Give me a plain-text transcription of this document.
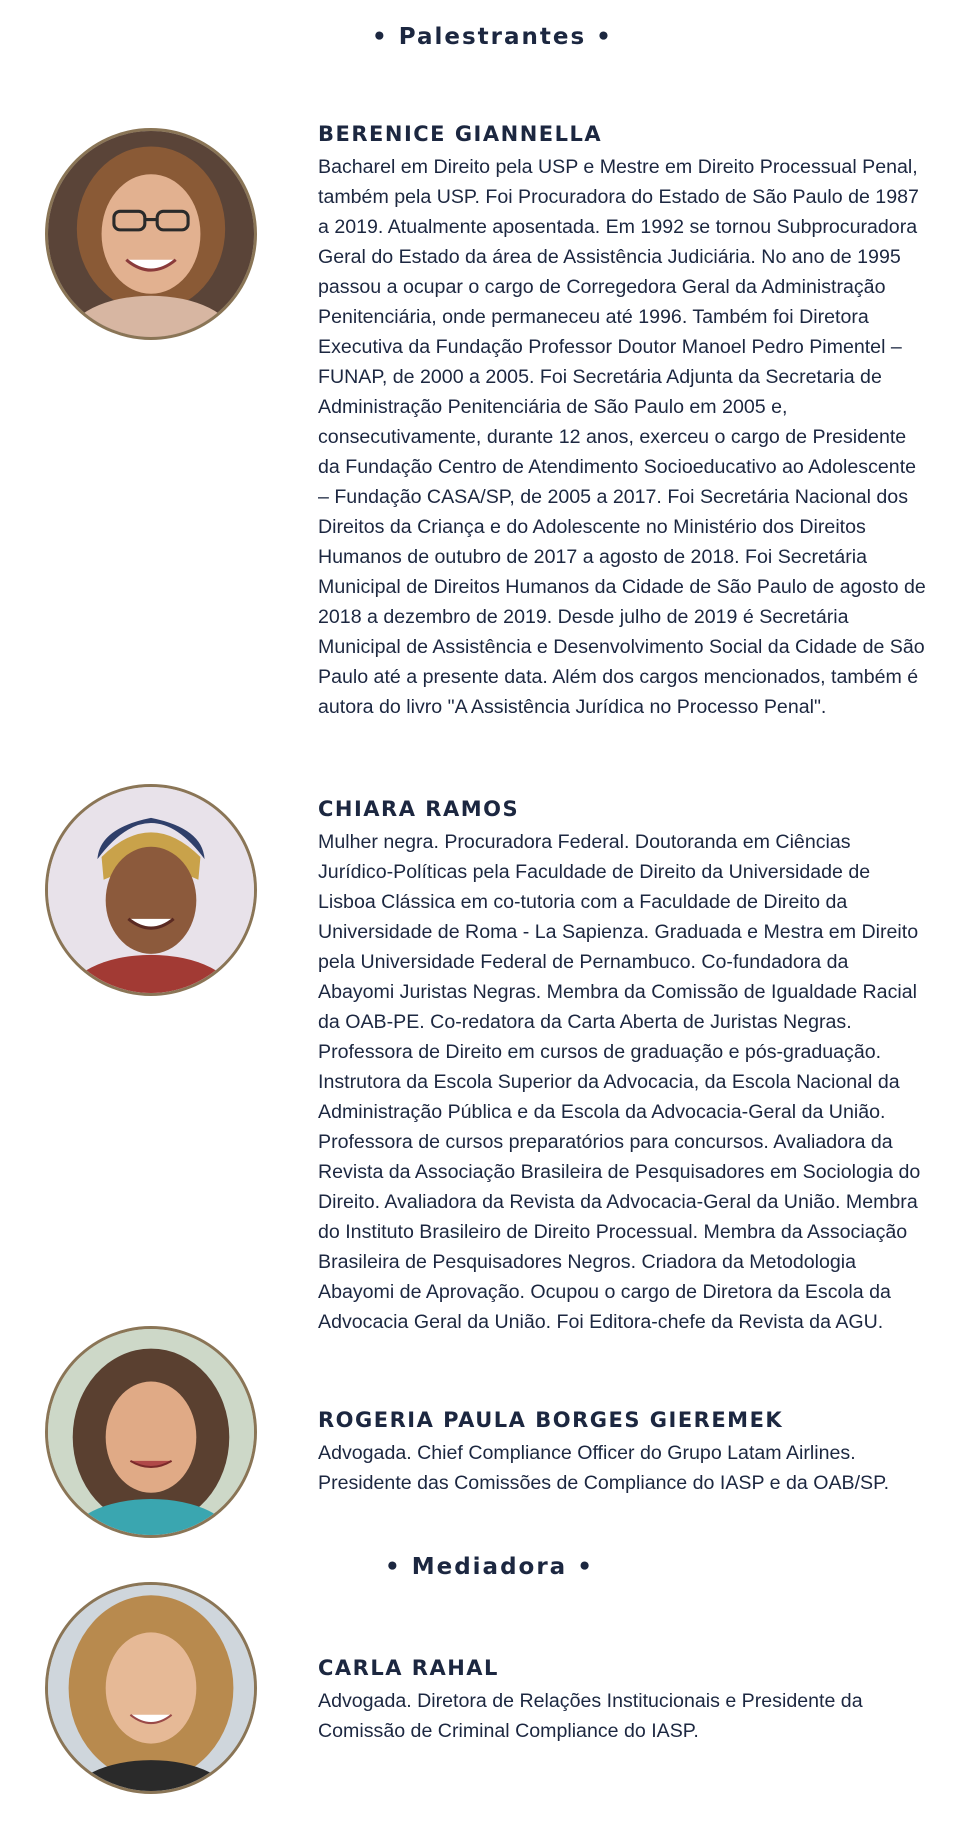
• Palestrantes •
BERENICE GIANNELLA

Bacharel em Direito pela USP e Mestre em Direito Processual Penal, também pela USP. Foi Procuradora do Estado de São Paulo de 1987 a 2019. Atualmente aposentada. Em 1992 se tornou Subprocuradora Geral do Estado da área de Assistência Judiciária. No ano de 1995 passou a ocupar o cargo de Corregedora Geral da Administração Penitenciária, onde permaneceu até 1996. Também foi Diretora Executiva da Fundação Professor Doutor Manoel Pedro Pimentel – FUNAP, de 2000 a 2005. Foi Secretária Adjunta da Secretaria de Administração Penitenciária de São Paulo em 2005 e, consecutivamente, durante 12 anos, exerceu o cargo de Presidente da Fundação Centro de Atendimento Socioeducativo ao Adolescente – Fundação CASA/SP, de 2005 a 2017. Foi Secretária Nacional dos Direitos da Criança e do Adolescente no Ministério dos Direitos Humanos de outubro de 2017 a agosto de 2018. Foi Secretária Municipal de Direitos Humanos da Cidade de São Paulo de agosto de 2018 a dezembro de 2019. Desde julho de 2019 é Secretária Municipal de Assistência e Desenvolvimento Social da Cidade de São Paulo até a presente data. Além dos cargos mencionados, também é autora do livro "A Assistência Jurídica no Processo Penal".

CHIARA RAMOS

Mulher negra. Procuradora Federal. Doutoranda em Ciências Jurídico-Políticas pela Faculdade de Direito da Universidade de Lisboa Clássica em co-tutoria com a Faculdade de Direito da Universidade de Roma - La Sapienza. Graduada e Mestra em Direito pela Universidade Federal de Pernambuco. Co-fundadora da Abayomi Juristas Negras. Membra da Comissão de Igualdade Racial da OAB-PE. Co-redatora da Carta Aberta de Juristas Negras. Professora de Direito em cursos de graduação e pós-graduação. Instrutora da Escola Superior da Advocacia, da Escola Nacional da Administração Pública e da Escola da Advocacia-Geral da União. Professora de cursos preparatórios para concursos. Avaliadora da Revista da Associação Brasileira de Pesquisadores em Sociologia do Direito. Avaliadora da Revista da Advocacia-Geral da União. Membra do Instituto Brasileiro de Direito Processual. Membra da Associação Brasileira de Pesquisadores Negros. Criadora da Metodologia Abayomi de Aprovação. Ocupou o cargo de Diretora da Escola da Advocacia Geral da União. Foi Editora-chefe da Revista da AGU.

ROGERIA PAULA BORGES GIEREMEK

Advogada. Chief Compliance Officer do Grupo Latam Airlines. Presidente das Comissões de Compliance do IASP e da OAB/SP.

• Mediadora •
CARLA RAHAL

Advogada. Diretora de Relações Institucionais e Presidente da Comissão de Criminal Compliance do IASP.
